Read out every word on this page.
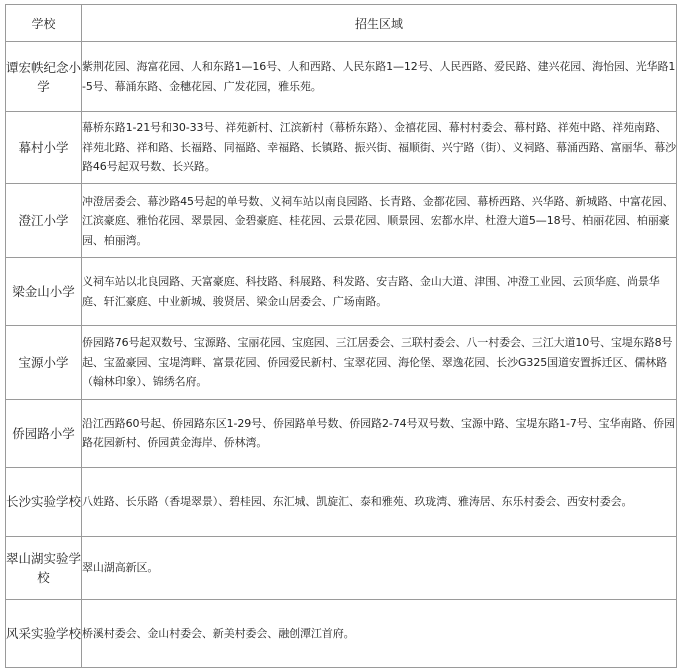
学校	招生区域
谭宏帙纪念小学	紫荆花园、海富花园、人和东路1—16号、人和西路、人民东路1—12号、人民西路、爱民路、建兴花园、海怡园、光华路1-5号、幕涌东路、金穗花园、广发花园，雅乐苑。
幕村小学	幕桥东路1-21号和30-33号、祥苑新村、江滨新村（幕桥东路）、金禧花园、幕村村委会、幕村路、祥苑中路、祥苑南路、祥苑北路、祥和路、长福路、同福路、幸福路、长镇路、振兴街、福顺街、兴宁路（街）、义祠路、幕涌西路、富丽华、幕沙路46号起双号数、长兴路。
澄江小学	冲澄居委会、幕沙路45号起的单号数、义祠车站以南良园路、长青路、金都花园、幕桥西路、兴华路、新城路、中富花园、江滨豪庭、雅怡花园、翠景园、金碧豪庭、桂花园、云景花园、顺景园、宏都水岸、杜澄大道5—18号、柏丽花园、柏丽豪园、柏丽湾。
梁金山小学	义祠车站以北良园路、天富豪庭、科技路、科展路、科发路、安吉路、金山大道、津围、冲澄工业园、云顶华庭、尚景华庭、轩汇豪庭、中业新城、骏贤居、梁金山居委会、广场南路。
宝源小学	侨园路76号起双数号、宝源路、宝丽花园、宝庭园、三江居委会、三联村委会、八一村委会、三江大道10号、宝堤东路8号起、宝盈豪园、宝堤湾畔、富景花园、侨园爱民新村、宝翠花园、海伦堡、翠逸花园、长沙G325国道安置拆迁区、儒林路（翰林印象）、锦绣名府。
侨园路小学	沿江西路60号起、侨园路东区1-29号、侨园路单号数、侨园路2-74号双号数、宝源中路、宝堤东路1-7号、宝华南路、侨园路花园新村、侨园黄金海岸、侨林湾。
长沙实验学校	八姓路、长乐路（香堤翠景）、碧桂园、东汇城、凯旋汇、泰和雅苑、玖珑湾、雅涛居、东乐村委会、西安村委会。
翠山湖实验学校	翠山湖高新区。
风采实验学校	桥溪村委会、金山村委会、新美村委会、融创潭江首府。
